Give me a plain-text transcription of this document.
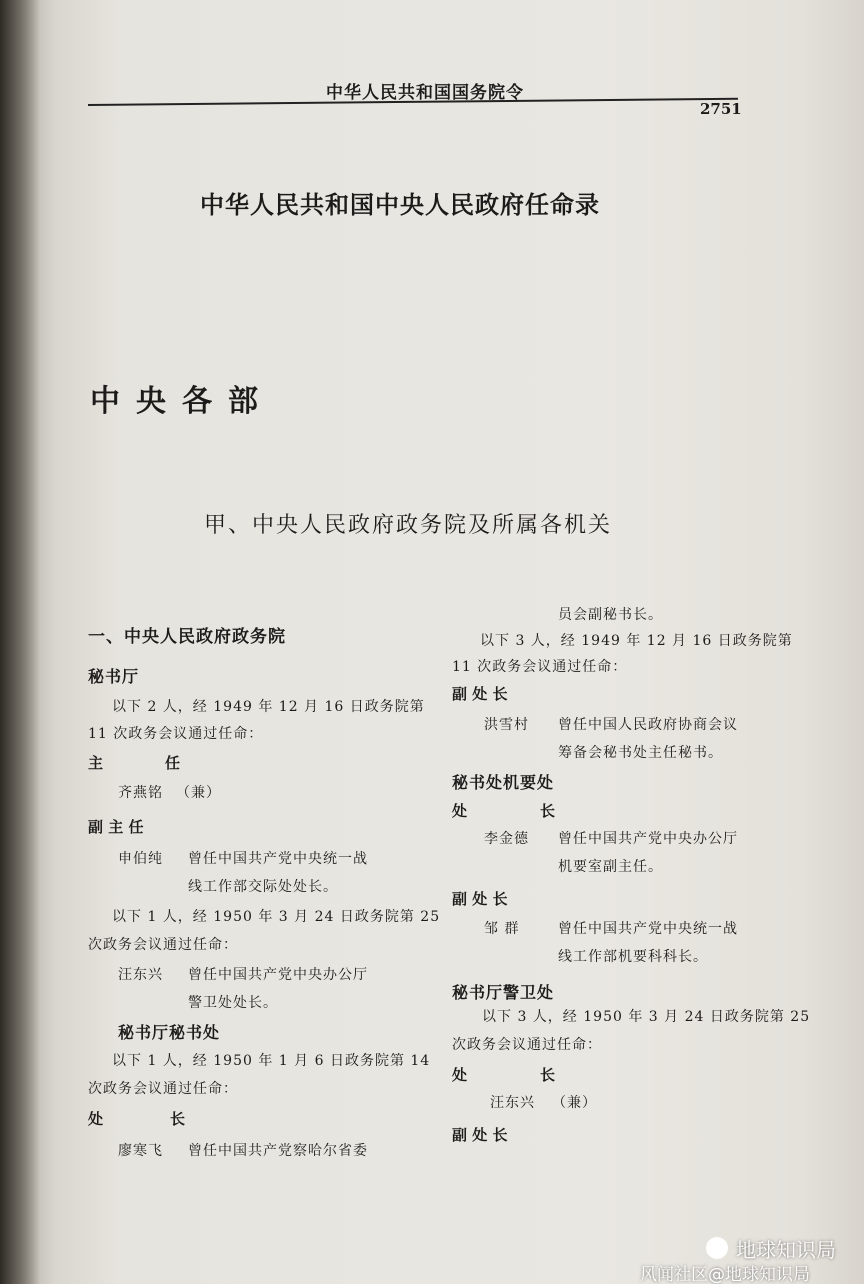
中华人民共和国国务院令
2751
中华人民共和国中央人民政府任命录
中央各部
甲、中央人民政府政务院及所属各机关
一、中央人民政府政务院
秘书厅
以下 2 人，经 1949 年 12 月 16 日政务院第
11 次政务会议通过任命：
主	任
齐燕铭 （兼）
副 主 任
申伯纯 曾任中国共产党中央统一战
线工作部交际处处长。
以下 1 人，经 1950 年 3 月 24 日政务院第 25
次政务会议通过任命：
汪东兴 曾任中国共产党中央办公厅
警卫处处长。
秘书厅秘书处
以下 1 人，经 1950 年 1 月 6 日政务院第 14
次政务会议通过任命：
处	长
廖寒飞 曾任中国共产党察哈尔省委
员会副秘书长。
以下 3 人，经 1949 年 12 月 16 日政务院第
11 次政务会议通过任命：
副 处 长
洪雪村 曾任中国人民政府协商会议
筹备会秘书处主任秘书。
秘书处机要处
处	长
李金德 曾任中国共产党中央办公厅
机要室副主任。
副 处 长
邹 群	曾任中国共产党中央统一战
线工作部机要科科长。
秘书厅警卫处
以下 3 人，经 1950 年 3 月 24 日政务院第 25
次政务会议通过任命：
处	长
汪东兴 （兼）
副 处 长
地球知识局
风闻社区@地球知识局
